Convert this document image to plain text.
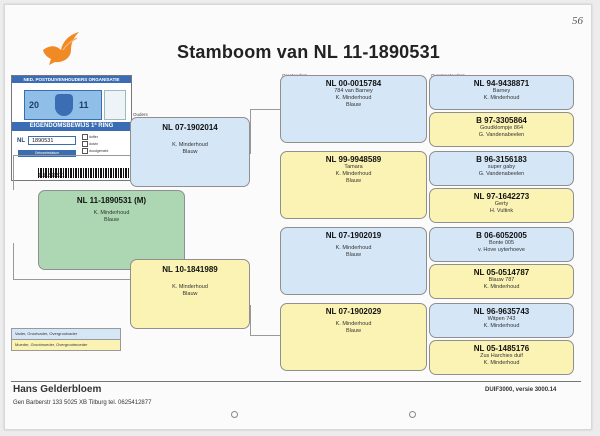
56
Stamboom van NL 11-1890531
NED. POSTDUIVENHOUDERS ORGANISATIE
20	11
EIGENDOMSBEWIJS 1ª RING
NL	1890531
doffer
duivin
doodgemeld
Geboortedatum
1111890531
Ouders
NL 11-1890531 (M)
K. Minderhoud
Blauw
NL 07-1902014
K. Minderhoud
Blauw
NL 10-1841989
K. Minderhoud
Blauw
NL 00-0015784
784 van Barney
K. Minderhoud
Blauw
NL 99-9948589
Tamara
K. Minderhoud
Blauw
NL 07-1902019
K. Minderhoud
Blauw
NL 07-1902029
K. Minderhoud
Blauw
NL 94-9438871
Barney
K. Minderhoud
B 97-3305864
Goudklompje 864
G. Vandenabeelen
B 96-3156183
super gaby
G. Vandenabeelen
NL 97-1642273
Gerty
H. Vultink
B 06-6052005
Bonte 005
v. Hove uyterhoeve
NL 05-0514787
Blauw 787
K. Minderhoud
NL 96-9635743
Witpen 743
K. Minderhoud
NL 05-1485176
Zus Harchies duif
K. Minderhoud
Vader, Grootvader, Overgrootvader
Moeder, Grootmoeder, Overgrootmoeder
Hans Gelderbloem
Gen Barberstr 133 5025 XB Tilburg tel. 0625412877
DUIF3000, versie 3000.14
